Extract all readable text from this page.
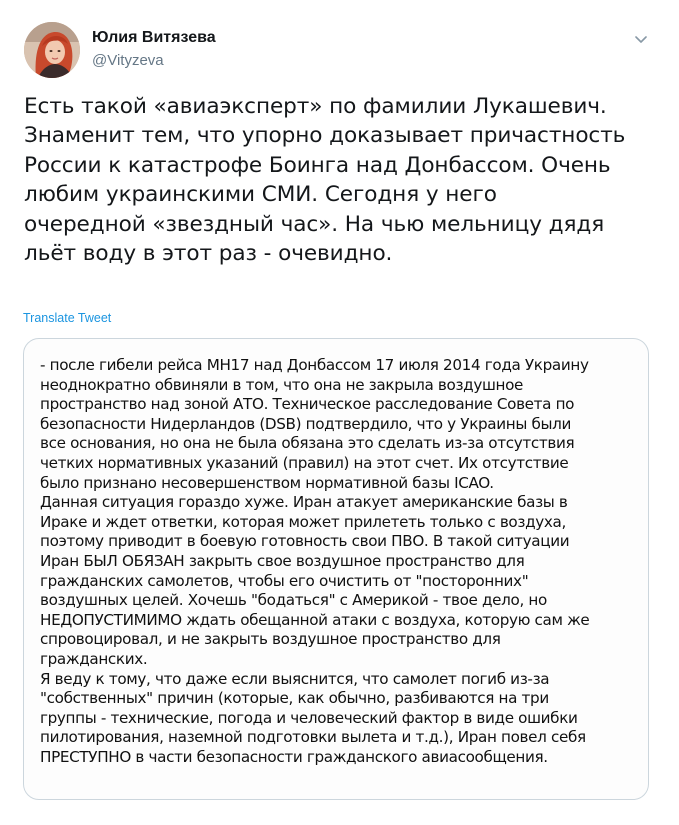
Юлия Витязева
@Vityzeva
Есть такой «авиаэксперт» по фамилии Лукашевич.
Знаменит тем, что упорно доказывает причастность
России к катастрофе Боинга над Донбассом. Очень
любим украинскими СМИ. Сегодня у него
очередной «звездный час». На чью мельницу дядя
льёт воду в этот раз - очевидно.
Translate Tweet
- после гибели рейса МН17 над Донбассом 17 июля 2014 года Украину
неоднократно обвиняли в том, что она не закрыла воздушное
пространство над зоной АТО. Техническое расследование Совета по
безопасности Нидерландов (DSB) подтвердило, что у Украины были
все основания, но она не была обязана это сделать из-за отсутствия
четких нормативных указаний (правил) на этот счет. Их отсутствие
было признано несовершенством нормативной базы ICAO.
Данная ситуация гораздо хуже. Иран атакует американские базы в
Ираке и ждет ответки, которая может прилететь только с воздуха,
поэтому приводит в боевую готовность свои ПВО. В такой ситуации
Иран БЫЛ ОБЯЗАН закрыть свое воздушное пространство для
гражданских самолетов, чтобы его очистить от "посторонних"
воздушных целей. Хочешь "бодаться" с Америкой - твое дело, но
НЕДОПУСТИМИМО ждать обещанной атаки с воздуха, которую сам же
спровоцировал, и не закрыть воздушное пространство для
гражданских.
Я веду к тому, что даже если выяснится, что самолет погиб из-за
"собственных" причин (которые, как обычно, разбиваются на три
группы - технические, погода и человеческий фактор в виде ошибки
пилотирования, наземной подготовки вылета и т.д.), Иран повел себя
ПРЕСТУПНО в части безопасности гражданского авиасообщения.
